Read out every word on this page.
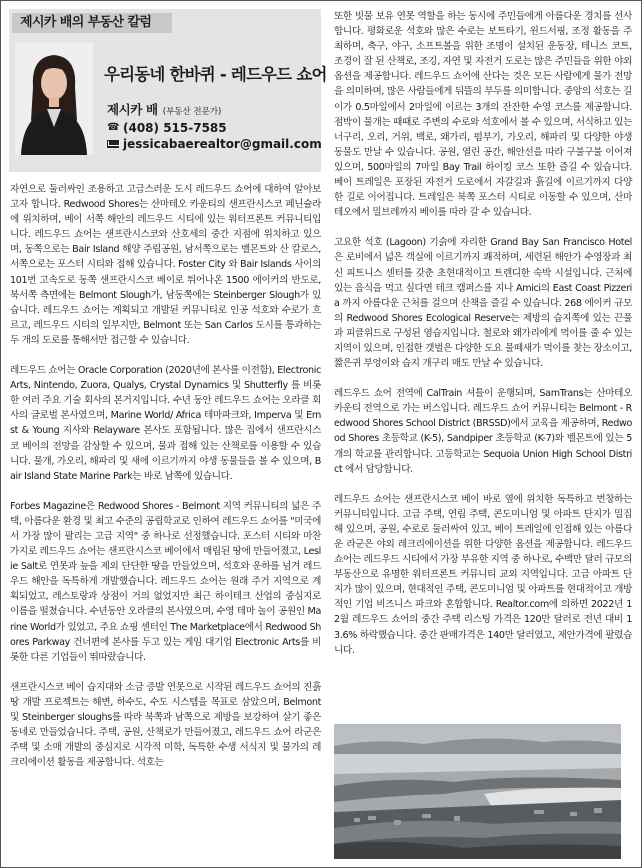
제시카 배의 부동산 칼럼
우리동네 한바퀴 - 레드우드 쇼어
제시카 배 (부동산 전문가)
☎ (408) 515-7585
jessicabaerealtor@gmail.com

자연으로 둘러싸인 조용하고 고급스러운 도시 레드우드 쇼어에 대하여 알아보고자 합니다. Redwood Shores는 산마테오 카운티의 샌프란시스코 페닌슐라에 위치하며, 베이 서쪽 해안의 레드우드 시티에 있는 워터프론트 커뮤니티입니다. 레드우드 쇼어는 샌프란시스코와 산호세의 중간 지점에 위치하고 있으며, 동쪽으로는 Bair Island 해양 주립공원, 남서쪽으로는 벨몬트와 산 칼로스, 서쪽으로는 포스터 시티와 접해 있습니다. Foster City 와 Bair Islands 사이의 101번 고속도로 동쪽 샌프란시스코 베이로 튀어나온 1500 에이커의 반도로, 북서쪽 측면에는 Belmont Slough가, 남동쪽에는 Steinberger Slough가 있습니다. 레드우드 쇼어는 계획되고 개발된 커뮤니티로 인공 석호와 수로가 흐르고, 레드우드 시티의 일부지만, Belmont 또는 San Carlos 도시를 통과하는 두 개의 도로를 통해서만 접근할 수 있습니다.

레드우드 쇼어는 Oracle Corporation (2020년에 본사를 이전함), Electronic Arts, Nintendo, Zuora, Qualys, Crystal Dynamics 및 Shutterfly 를 비롯한 여러 주요 기술 회사의 본거지입니다. 수년 동안 레드우드 쇼어는 오라클 회사의 글로벌 본사였으며, Marine World/ Africa 테마파크와, Imperva 및 Ernst & Young 지사와 Relayware 본사도 포함됩니다. 많은 집에서 샌프란시스코 베이의 전망을 감상할 수 있으며, 물과 접해 있는 산책로를 이용할 수 있습니다. 물개, 가오리, 해파리 및 새에 이르기까지 야생 동물들을 볼 수 있으며, Bair Island State Marine Park는 바로 남쪽에 있습니다.

Forbes Magazine은 Redwood Shores - Belmont 지역 커뮤니티의 넓은 주택, 아름다운 환경 및 최고 수준의 공립학교로 인하여 레드우드 쇼어를 "미국에서 가장 많이 팔리는 고급 지역" 중 하나로 선정했습니다. 포스터 시티와 마찬가지로 레드우드 쇼어는 샌프란시스코 베이에서 매립된 땅에 만들어졌고, Leslie Salt로 연못과 늪을 제외 단단한 땅을 만들었으며, 석호와 운하를 넘겨 레드우드 해안을 독특하게 개발했습니다. 레드우드 쇼어는 원래 주거 지역으로 계획되었고, 레스토랑과 상점이 거의 없었지만 최근 하이테크 산업의 중심지로 이름을 떨쳤습니다. 수년동안 오라클의 본사였으며, 수영 테마 놀이 공원인 Marine World가 있었고, 주요 쇼핑 센터인 The Marketplace에서 Redwood Shores Parkway 건너편에 본사를 두고 있는 게임 대기업 Electronic Arts를 비롯한 다른 기업들이 뛰따랐습니다.

샌프란시스코 베이 습지대와 소금 증발 연못으로 시작된 레드우드 쇼어의 진흙땅 개발 프로젝트는 해변, 하수도, 수도 시스템을 목표로 삼았으며, Belmont 및 Steinberger sloughs를 따라 북쪽과 남쪽으로 제방을 보강하여 살기 좋은 동네로 만들었습니다. 주택, 공원, 산책로가 만들어졌고, 레드우드 쇼어 라군은 주택 및 소매 개발의 중심지로 시각적 미학, 독특한 수생 서식지 및 물가의 레크리에이션 활동을 제공합니다. 석호는

또한 빗물 보유 연못 역할을 하는 동시에 주민들에게 아름다운 경치를 선사합니다. 평화로운 석호와 많은 수로는 보트타기, 윈드서핑, 조정 활동을 주최하며, 축구, 야구, 소프트볼을 위한 조명이 설치된 운동장, 테니스 코트, 조경이 잘 된 산책로, 조깅, 자연 및 자전거 도로는 많은 주민들을 위한 야외 옵션을 제공합니다. 레드우드 쇼어에 산다는 것은 모든 사람에게 물가 전망을 의미하며, 많은 사람들에게 뒤뜰의 부두를 의미합니다. 중앙의 석호는 길이가 0.5마일에서 2마일에 이르는 3개의 잔잔한 수영 코스를 제공합니다. 점박이 물개는 때때로 주변의 수로와 석호에서 볼 수 있으며, 서식하고 있는 너구리, 오리, 거위, 백로, 왜가리, 펌부기, 가오리, 해파리 및 다양한 야생 동물도 만날 수 있습니다. 공원, 열린 공간, 해안선을 따라 구불구불 이어져 있으며, 500마일의 7마일 Bay Trail 하이킹 코스 또한 즐길 수 있습니다. 베이 트레일은 포장된 자전거 도로에서 자갈길과 흙길에 이르기까지 다양한 길로 이어집니다. 트레일은 북쪽 포스터 시티로 이동할 수 있으며, 산마테오에서 밀브레까지 베이를 따라 갈 수 있습니다.

고요한 석호 (Lagoon) 기슭에 자리한 Grand Bay San Francisco Hotel은 로비에서 넓은 객실에 이르기까지 쾌적하며, 세련된 해안가 수영장과 최신 피트니스 센터를 갖춘 초현대적이고 트렌디한 숙박 시설입니다. 근처에 있는 음식을 먹고 싶다면 테크 캠퍼스를 지나 Amici의 East Coast Pizzeria 까지 아름다운 근처를 걸으며 산책을 즐길 수 있습니다. 268 에이커 규모의 Redwood Shores Ecological Reserve는 제방의 습지쪽에 있는 끈풀과 피클위드로 구성된 염습지입니다. 철로와 왜가리에게 먹이를 줄 수 있는 지역이 있으며, 인접한 갯벌은 다양한 도요 물떼새가 먹이를 찾는 장소이고, 짧은귀 부엉이와 습지 개구리 매도 만날 수 있습니다.

레드우드 쇼어 전역에 CalTrain 셔틀이 운행되며, SamTrans는 산마테오 카운티 전역으로 가는 버스입니다. 레드우드 쇼어 커뮤니티는 Belmont - Redwood Shores School District (BRSSD)에서 교육을 제공하며, Redwood Shores 초등학교 (K-5), Sandpiper 초등학교 (K-7)와 벨몬트에 있는 5개의 학교를 관리합니다. 고등학교는 Sequoia Union High School District 에서 담당합니다.

레드우드 쇼어는 샌프란시스코 베이 바로 옆에 위치한 독특하고 번창하는 커뮤니티입니다. 고급 주택, 연립 주택, 콘도미니엄 및 아파트 단지가 밀집해 있으며, 공원, 수로로 둘러싸여 있고, 베이 트레일에 인접해 있는 아름다운 라군은 야외 레크리에이션을 위한 다양한 옵션을 제공합니다. 레드우드 쇼어는 레드우드 시티에서 가장 부유한 지역 중 하나로, 수백만 달러 규모의 부동산으로 유명한 워터프론트 커뮤니티 교외 지역입니다. 고급 아파트 단지가 많이 있으며, 현대적인 주택, 콘도미니엄 및 아파트를 현대적이고 개방적인 기업 비즈니스 파크와 혼합합니다. Realtor.com에 의하면 2022년 12월 레드우드 쇼어의 중간 주택 리스팅 가격은 120만 달러로 전년 대비 13.6% 하락했습니다. 중간 판매가격은 140만 달러였고, 제안가격에 팔렸습니다.
